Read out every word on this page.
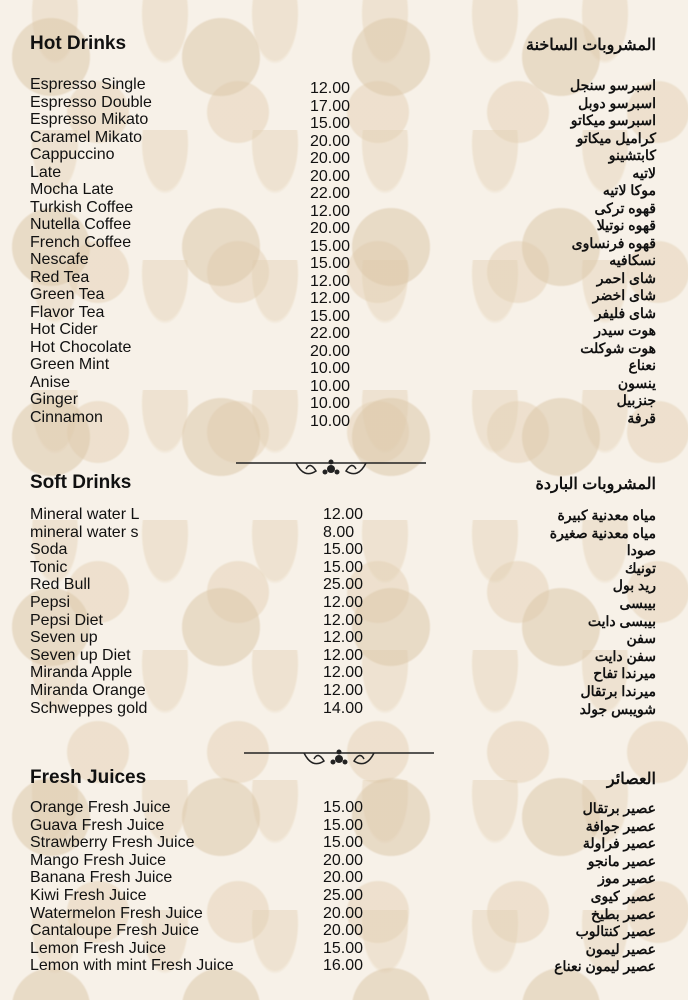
Hot Drinks	المشروبات الساخنة
Espresso Single	12.00	اسبرسو سنجل
Espresso Double	17.00	اسبرسو دوبل
Espresso Mikato	15.00	اسبرسو ميكاتو
Caramel Mikato	20.00	كراميل ميكاتو
Cappuccino	20.00	كابتشينو
Late	20.00	لاتيه
Mocha Late	22.00	موكا لاتيه
Turkish Coffee	12.00	قهوه تركى
Nutella Coffee	20.00	قهوه نوتيلا
French Coffee	15.00	قهوه فرنساوى
Nescafe	15.00	نسكافيه
Red Tea	12.00	شاى احمر
Green Tea	12.00	شاى اخضر
Flavor Tea	15.00	شاى فليفر
Hot Cider	22.00	هوت سيدر
Hot Chocolate	20.00	هوت شوكلت
Green Mint	10.00	نعناع
Anise	10.00	ينسون
Ginger	10.00	جنزبيل
Cinnamon	10.00	قرفة
Soft Drinks	المشروبات الباردة
Mineral water L	12.00	مياه معدنية كبيرة
mineral water s	8.00	مياه معدنية صغيرة
Soda	15.00	صودا
Tonic	15.00	تونيك
Red Bull	25.00	ريد بول
Pepsi	12.00	بيبسى
Pepsi Diet	12.00	بيبسى دايت
Seven up	12.00	سفن
Seven up Diet	12.00	سفن دايت
Miranda Apple	12.00	ميرندا تفاح
Miranda Orange	12.00	ميرندا برتقال
Schweppes gold	14.00	شويبس جولد
Fresh Juices	العصائر
Orange Fresh Juice	15.00	عصير برتقال
Guava Fresh Juice	15.00	عصير جوافة
Strawberry Fresh Juice	15.00	عصير فراولة
Mango Fresh Juice	20.00	عصير مانجو
Banana Fresh Juice	20.00	عصير موز
Kiwi Fresh Juice	25.00	عصير كيوى
Watermelon Fresh Juice	20.00	عصير بطيخ
Cantaloupe Fresh Juice	20.00	عصير كنتالوب
Lemon Fresh Juice	15.00	عصير ليمون
Lemon with mint Fresh Juice	16.00	عصير ليمون نعناع
